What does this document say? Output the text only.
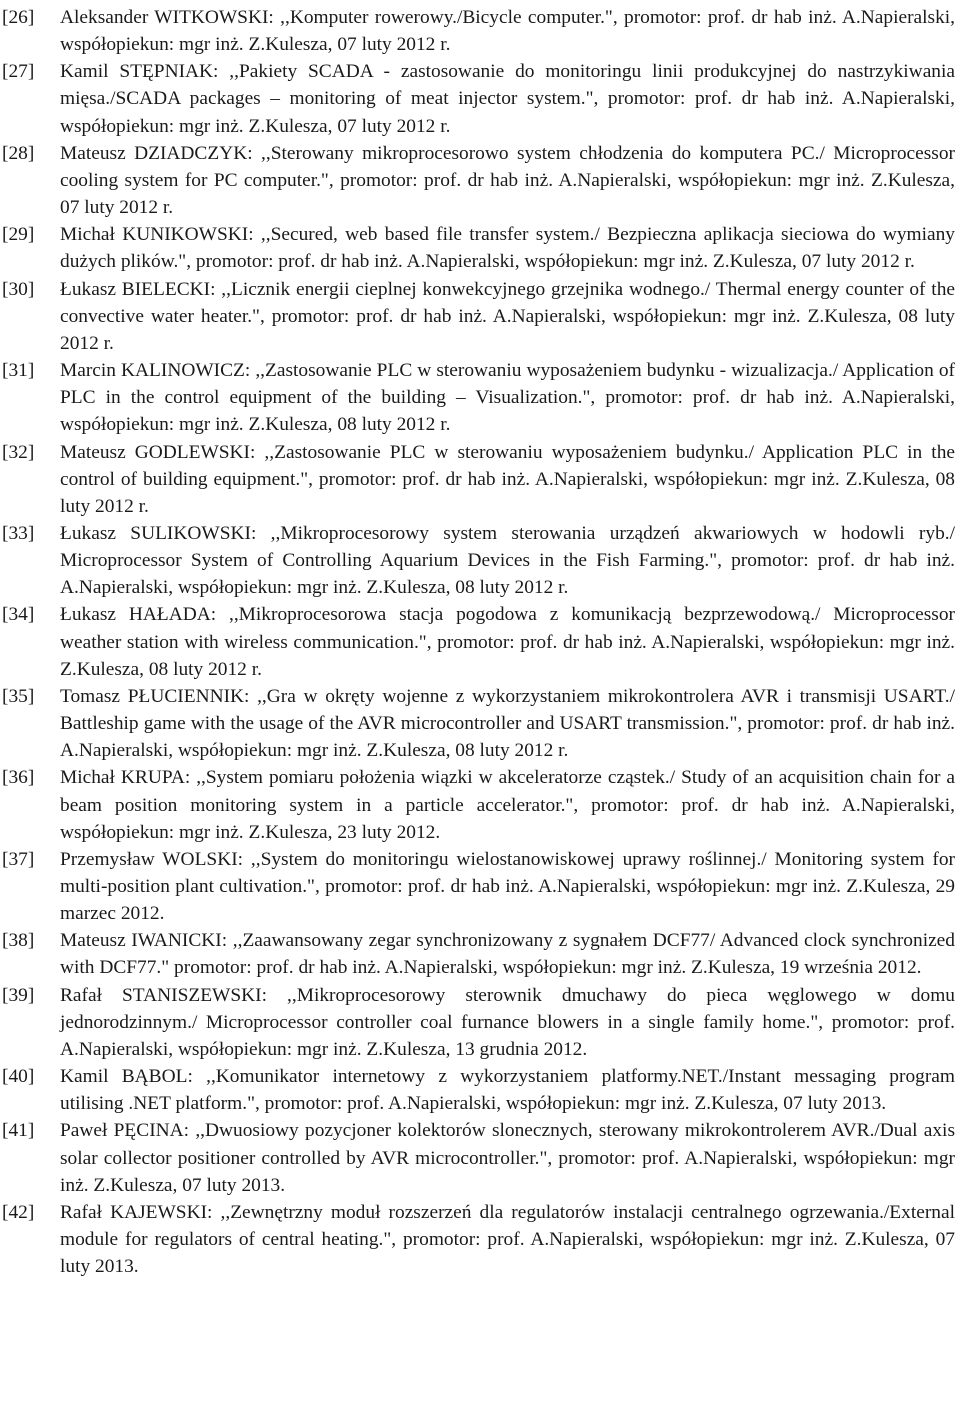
[26]	Aleksander WITKOWSKI: ,,Komputer rowerowy./Bicycle computer.", promotor: prof. dr hab inż. A.Napieralski, współopiekun: mgr inż. Z.Kulesza, 07 luty 2012 r.

[27]	Kamil STĘPNIAK: ,,Pakiety SCADA - zastosowanie do monitoringu linii produkcyjnej do nastrzykiwania mięsa./SCADA packages – monitoring of meat injector system.", promotor: prof. dr hab inż. A.Napieralski, współopiekun: mgr inż. Z.Kulesza, 07 luty 2012 r.

[28]	Mateusz DZIADCZYK: ,,Sterowany mikroprocesorowo system chłodzenia do komputera PC./ Microprocessor cooling system for PC computer.", promotor: prof. dr hab inż. A.Napieralski, współopiekun: mgr inż. Z.Kulesza, 07 luty 2012 r.

[29]	Michał KUNIKOWSKI: ,,Secured, web based file transfer system./ Bezpieczna aplikacja sieciowa do wymiany dużych plików.", promotor: prof. dr hab inż. A.Napieralski, współopiekun: mgr inż. Z.Kulesza, 07 luty 2012 r.

[30]	Łukasz BIELECKI: ,,Licznik energii cieplnej konwekcyjnego grzejnika wodnego./ Thermal energy counter of the convective water heater.", promotor: prof. dr hab inż. A.Napieralski, współopiekun: mgr inż. Z.Kulesza, 08 luty 2012 r.

[31]	Marcin KALINOWICZ: ,,Zastosowanie PLC w sterowaniu wyposażeniem budynku - wizualizacja./ Application of PLC in the control equipment of the building – Visualization.", promotor: prof. dr hab inż. A.Napieralski, współopiekun: mgr inż. Z.Kulesza, 08 luty 2012 r.

[32]	Mateusz GODLEWSKI: ,,Zastosowanie PLC w sterowaniu wyposażeniem budynku./ Application PLC in the control of building equipment.", promotor: prof. dr hab inż. A.Napieralski, współopiekun: mgr inż. Z.Kulesza, 08 luty 2012 r.

[33]	Łukasz SULIKOWSKI: ,,Mikroprocesorowy system sterowania urządzeń akwariowych w hodowli ryb./ Microprocessor System of Controlling Aquarium Devices in the Fish Farming.", promotor: prof. dr hab inż. A.Napieralski, współopiekun: mgr inż. Z.Kulesza, 08 luty 2012 r.

[34]	Łukasz HAŁADA: ,,Mikroprocesorowa stacja pogodowa z komunikacją bezprzewodową./ Microprocessor weather station with wireless communication.", promotor: prof. dr hab inż. A.Napieralski, współopiekun: mgr inż. Z.Kulesza, 08 luty 2012 r.

[35]	Tomasz PŁUCIENNIK: ,,Gra w okręty wojenne z wykorzystaniem mikrokontrolera AVR i transmisji USART./ Battleship game with the usage of the AVR microcontroller and USART transmission.", promotor: prof. dr hab inż. A.Napieralski, współopiekun: mgr inż. Z.Kulesza, 08 luty 2012 r.

[36]	Michał KRUPA: ,,System pomiaru położenia wiązki w akceleratorze cząstek./ Study of an acquisition chain for a beam position monitoring system in a particle accelerator.", promotor: prof. dr hab inż. A.Napieralski, współopiekun: mgr inż. Z.Kulesza, 23 luty 2012.

[37]	Przemysław WOLSKI: ,,System do monitoringu wielostanowiskowej uprawy roślinnej./ Monitoring system for multi-position plant cultivation.", promotor: prof. dr hab inż. A.Napieralski, współopiekun: mgr inż. Z.Kulesza, 29 marzec 2012.

[38]	Mateusz IWANICKI: ,,Zaawansowany zegar synchronizowany z sygnałem DCF77/ Advanced clock synchronized with DCF77." promotor: prof. dr hab inż. A.Napieralski, współopiekun: mgr inż. Z.Kulesza, 19 września 2012.

[39]	Rafał STANISZEWSKI: ,,Mikroprocesorowy sterownik dmuchawy do pieca węglowego w domu jednorodzinnym./ Microprocessor controller coal furnance blowers in a single family home.", promotor: prof. A.Napieralski, współopiekun: mgr inż. Z.Kulesza, 13 grudnia 2012.

[40]	Kamil BĄBOL: ,,Komunikator internetowy z wykorzystaniem platformy.NET./Instant messaging program utilising .NET platform.", promotor: prof. A.Napieralski, współopiekun: mgr inż. Z.Kulesza, 07 luty 2013.

[41]	Paweł PĘCINA: ,,Dwuosiowy pozycjoner kolektorów slonecznych, sterowany mikrokontrolerem AVR./Dual axis solar collector positioner controlled by AVR microcontroller.", promotor: prof. A.Napieralski, współopiekun: mgr inż. Z.Kulesza, 07 luty 2013.

[42]	Rafał KAJEWSKI: ,,Zewnętrzny moduł rozszerzeń dla regulatorów instalacji centralnego ogrzewania./External module for regulators of central heating.", promotor: prof. A.Napieralski, współopiekun: mgr inż. Z.Kulesza, 07 luty 2013.
